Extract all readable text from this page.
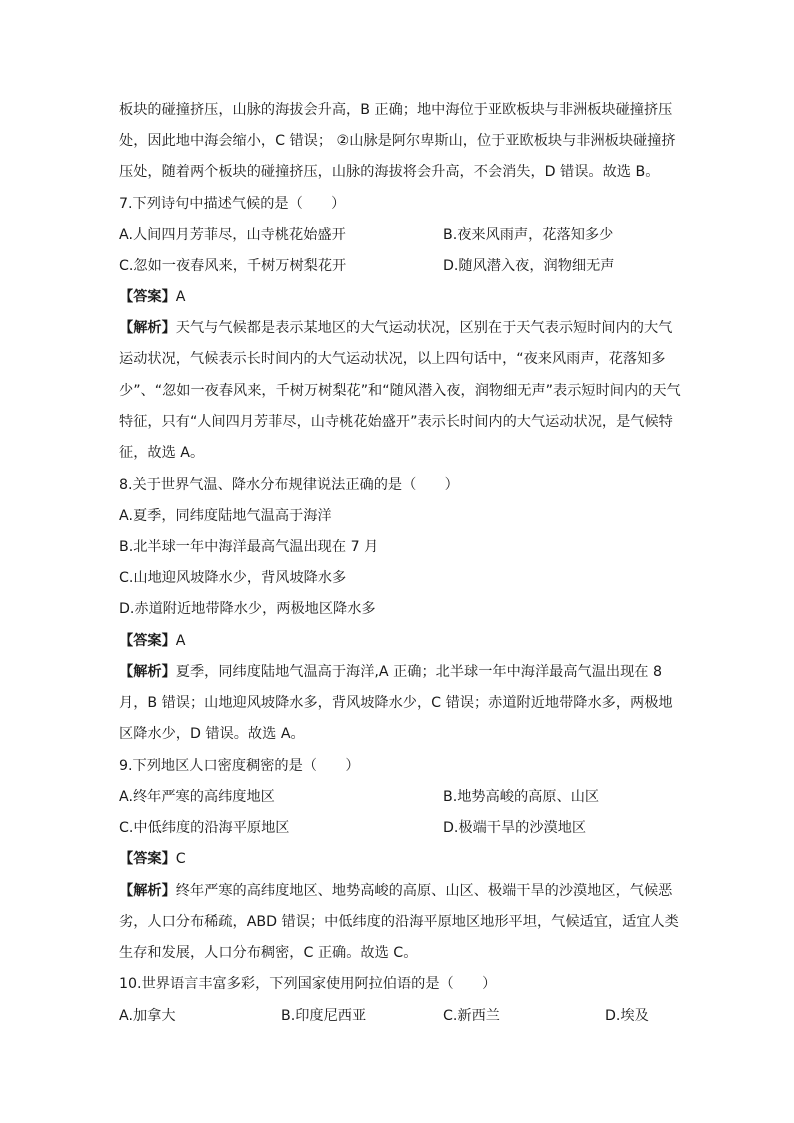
板块的碰撞挤压，山脉的海拔会升高，B 正确；地中海位于亚欧板块与非洲板块碰撞挤压
处，因此地中海会缩小，C 错误； ②山脉是阿尔卑斯山，位于亚欧板块与非洲板块碰撞挤
压处，随着两个板块的碰撞挤压，山脉的海拔将会升高，不会消失，D 错误。故选 B。
7.下列诗句中描述气候的是（　　）
A.人间四月芳菲尽，山寺桃花始盛开	B.夜来风雨声，花落知多少
C.忽如一夜春风来，千树万树梨花开	D.随风潜入夜，润物细无声
【答案】A
【解析】天气与气候都是表示某地区的大气运动状况，区别在于天气表示短时间内的大气
运动状况，气候表示长时间内的大气运动状况，以上四句话中，“夜来风雨声，花落知多
少”、“忽如一夜春风来，千树万树梨花”和“随风潜入夜，润物细无声”表示短时间内的天气
特征，只有“人间四月芳菲尽，山寺桃花始盛开”表示长时间内的大气运动状况，是气候特
征，故选 A。
8.关于世界气温、降水分布规律说法正确的是（　　）
A.夏季，同纬度陆地气温高于海洋
B.北半球一年中海洋最高气温出现在 7 月
C.山地迎风坡降水少，背风坡降水多
D.赤道附近地带降水少，两极地区降水多
【答案】A
【解析】夏季，同纬度陆地气温高于海洋,A 正确；北半球一年中海洋最高气温出现在 8
月，B 错误；山地迎风坡降水多，背风坡降水少，C 错误；赤道附近地带降水多，两极地
区降水少，D 错误。故选 A。
9.下列地区人口密度稠密的是（　　）
A.终年严寒的高纬度地区	B.地势高峻的高原、山区
C.中低纬度的沿海平原地区	D.极端干旱的沙漠地区
【答案】C
【解析】终年严寒的高纬度地区、地势高峻的高原、山区、极端干旱的沙漠地区，气候恶
劣，人口分布稀疏，ABD 错误；中低纬度的沿海平原地区地形平坦，气候适宜，适宜人类
生存和发展，人口分布稠密，C 正确。故选 C。
10.世界语言丰富多彩，下列国家使用阿拉伯语的是（　　）
A.加拿大	B.印度尼西亚	C.新西兰	D.埃及
